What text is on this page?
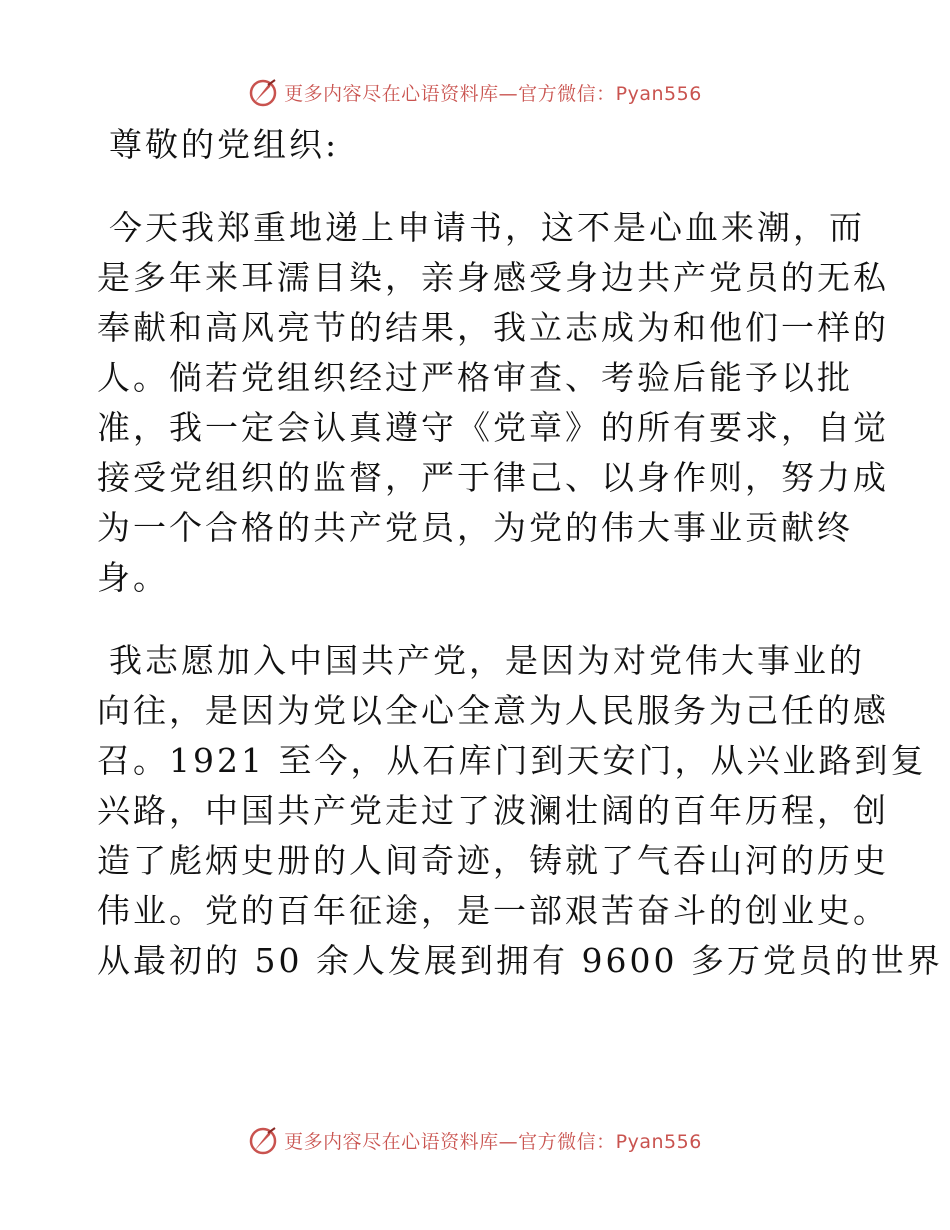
更多内容尽在心语资料库—官方微信：Pyan556
尊敬的党组织:
今天我郑重地递上申请书，这不是心血来潮，而
是多年来耳濡目染，亲身感受身边共产党员的无私
奉献和高风亮节的结果，我立志成为和他们一样的
人。倘若党组织经过严格审查、考验后能予以批
准，我一定会认真遵守《党章》的所有要求，自觉
接受党组织的监督，严于律己、以身作则，努力成
为一个合格的共产党员，为党的伟大事业贡献终
身。
我志愿加入中国共产党，是因为对党伟大事业的
向往，是因为党以全心全意为人民服务为己任的感
召。1921 至今，从石库门到天安门，从兴业路到复
兴路，中国共产党走过了波澜壮阔的百年历程，创
造了彪炳史册的人间奇迹，铸就了气吞山河的历史
伟业。党的百年征途，是一部艰苦奋斗的创业史。
从最初的 50 余人发展到拥有 9600 多万党员的世界
更多内容尽在心语资料库—官方微信：Pyan556
